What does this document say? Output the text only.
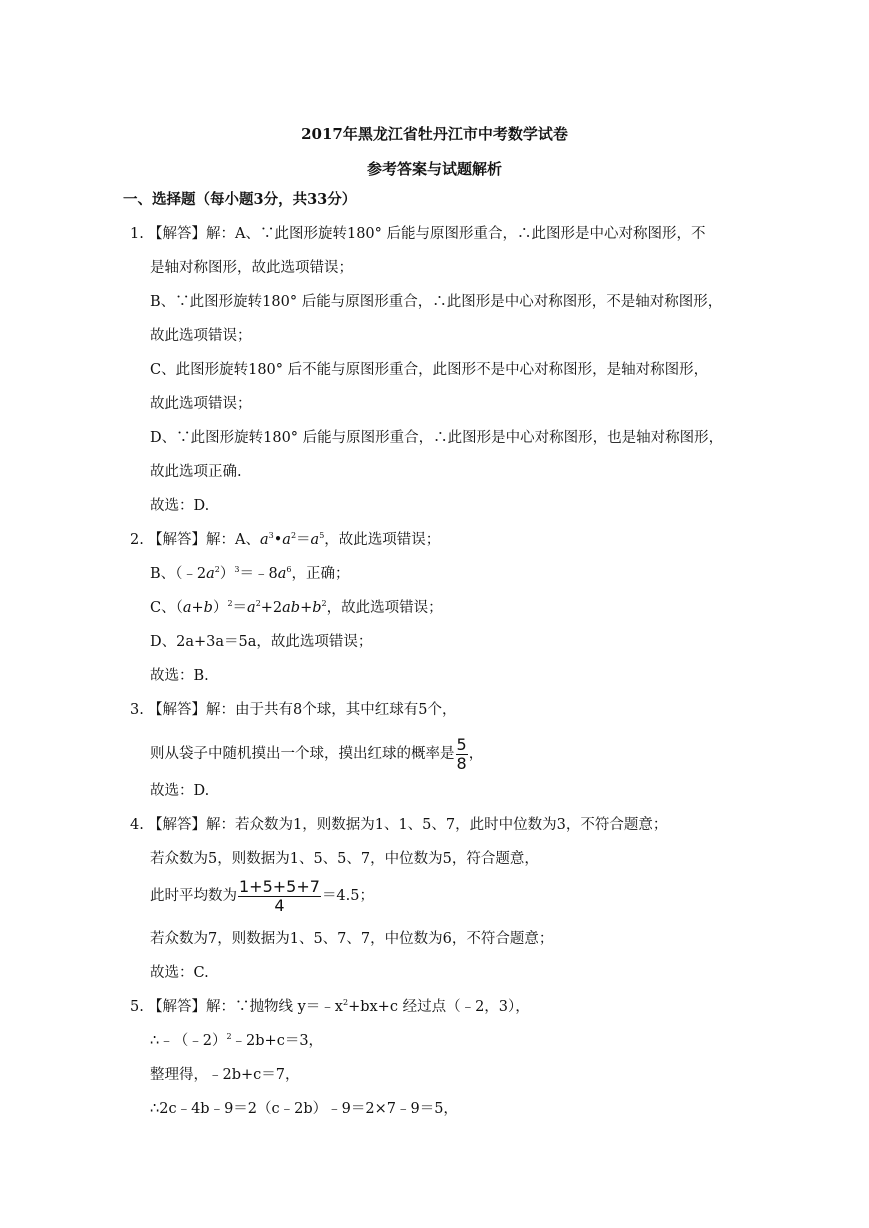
2017年黑龙江省牡丹江市中考数学试卷
参考答案与试题解析
一、选择题（每小题3分，共33分）
1. 【解答】解：A、∵此图形旋转180° 后能与原图形重合，∴此图形是中心对称图形，不
是轴对称图形，故此选项错误；
B、∵此图形旋转180° 后能与原图形重合，∴此图形是中心对称图形，不是轴对称图形，
故此选项错误；
C、此图形旋转180° 后不能与原图形重合，此图形不是中心对称图形，是轴对称图形，
故此选项错误；
D、∵此图形旋转180° 后能与原图形重合，∴此图形是中心对称图形，也是轴对称图形，
故此选项正确.
故选：D.
2. 【解答】解：A、$a^3•a^2=a^5$，故此选项错误；
B、$(﹣2a^2)^3=﹣8a^6$，正确；
C、$(a+b)^2=a^2+2ab+b^2$，故此选项错误；
D、2a+3a＝5a，故此选项错误；
故选：B.
3. 【解答】解：由于共有8个球，其中红球有5个，
则从袋子中随机摸出一个球，摸出红球的概率是 $\frac{5}{8}$ ，
故选：D.
4. 【解答】解：若众数为1，则数据为1、1、5、7，此时中位数为3，不符合题意；
若众数为5，则数据为1、5、5、7，中位数为5，符合题意，
此时平均数为 $\frac{1+5+5+7}{4} =4.5$；
若众数为7，则数据为1、5、7、7，中位数为6，不符合题意；
故选：C.
5. 【解答】解：∵抛物线 $y=﹣x^2+bx+c$ 经过点（﹣2，3），
∴﹣（﹣2）$^2$﹣2b+c＝3，
整理得，﹣2b+c＝7，
∴2c﹣4b﹣9＝2（c﹣2b）﹣9＝2×7﹣9＝5，
